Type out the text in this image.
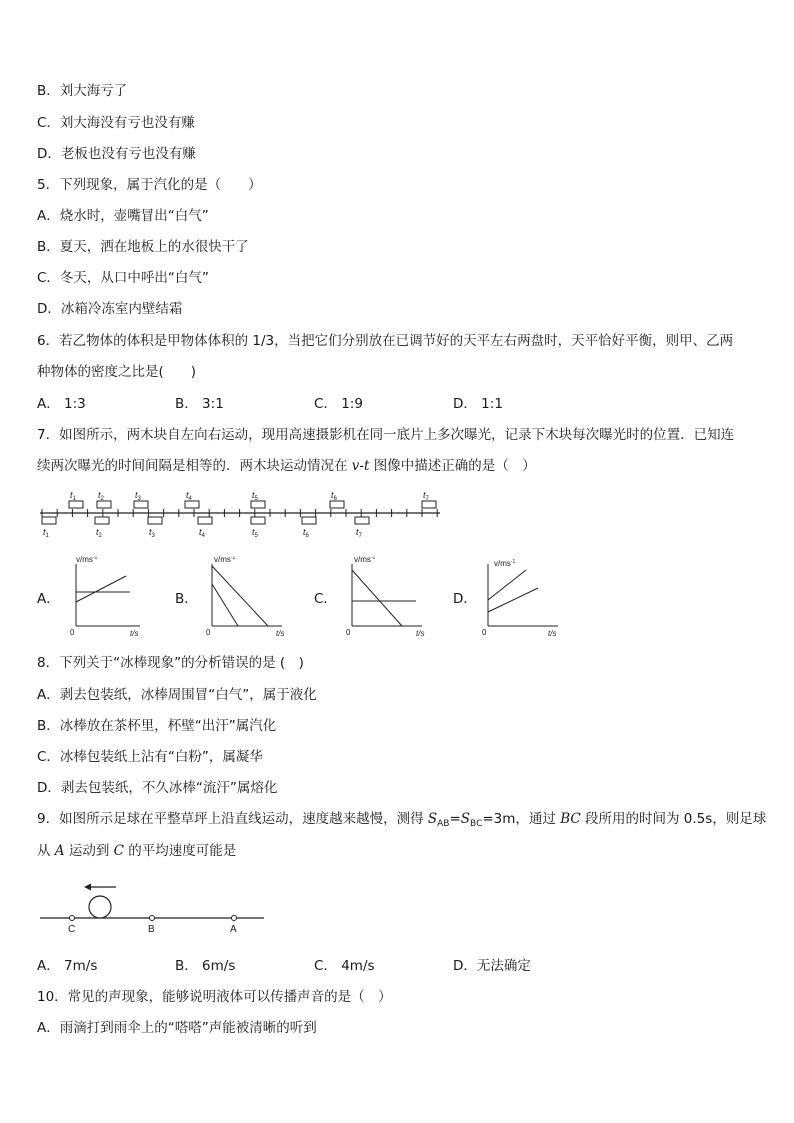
B．刘大海亏了
C．刘大海没有亏也没有赚
D．老板也没有亏也没有赚
5．下列现象，属于汽化的是（　　）
A．烧水时，壶嘴冒出“白气”
B．夏天，洒在地板上的水很快干了
C．冬天，从口中呼出“白气”
D．冰箱冷冻室内壁结霜
6．若乙物体的体积是甲物体体积的 1/3，当把它们分别放在已调节好的天平左右两盘时，天平恰好平衡，则甲、乙两
种物体的密度之比是(　　)
A． 1:3	B． 3:1	C． 1:9	D． 1:1
7．如图所示，两木块自左向右运动，现用高速摄影机在同一底片上多次曝光，记录下木块每次曝光时的位置．已知连
续两次曝光的时间间隔是相等的．两木块运动情况在 v-t 图像中描述正确的是（　）
$t_1$ $t_2$	$t_3$	$t_4$	$t_5$	$t_6$	$t_7$
$t_1$	$t_2$	$t_3$	$t_4$	$t_5$	$t_6$	$t_7$
A．
$v/ms^{-1}$
0	t/s
B．
$v/ms^{-1}$
0	t/s
C．
$v/ms^{-1}$
0	t/s
D．
$v/ms^{-1}$
0	t/s
8．下列关于“冰棒现象”的分析错误的是 (　)
A．剥去包装纸，冰棒周围冒“白气”，属于液化
B．冰棒放在茶杯里，杯壁“出汗”属汽化
C．冰棒包装纸上沾有“白粉”，属凝华
D．剥去包装纸，不久冰棒“流汗”属熔化
9．如图所示足球在平整草坪上沿直线运动，速度越来越慢，测得 $S_{AB}=S_{BC}=3m$，通过 BC 段所用的时间为 0.5s，则足球
从 A 运动到 C 的平均速度可能是
C	B	A
A． 7m/s	B． 6m/s	C． 4m/s	D．无法确定
10．常见的声现象，能够说明液体可以传播声音的是（　）
A．雨滴打到雨伞上的“嗒嗒”声能被清晰的听到
